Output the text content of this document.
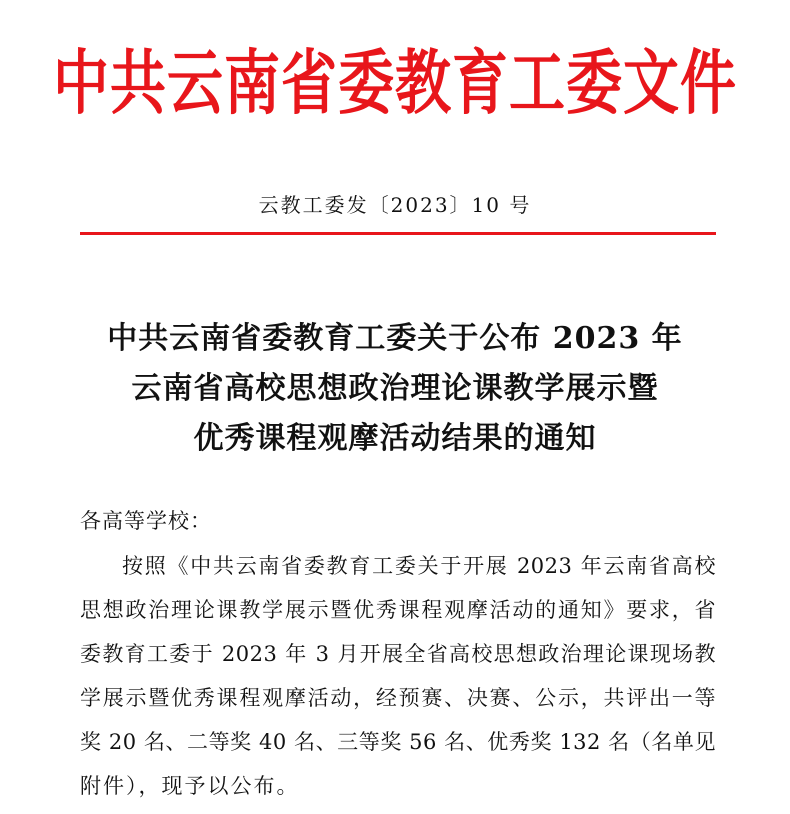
中共云南省委教育工委文件
云教工委发〔2023〕10 号
中共云南省委教育工委关于公布 2023 年
云南省高校思想政治理论课教学展示暨
优秀课程观摩活动结果的通知
各高等学校：
按照《中共云南省委教育工委关于开展 2023 年云南省高校
思想政治理论课教学展示暨优秀课程观摩活动的通知》要求，省
委教育工委于 2023 年 3 月开展全省高校思想政治理论课现场教
学展示暨优秀课程观摩活动，经预赛、决赛、公示，共评出一等
奖 20 名、二等奖 40 名、三等奖 56 名、优秀奖 132 名（名单见
附件），现予以公布。
